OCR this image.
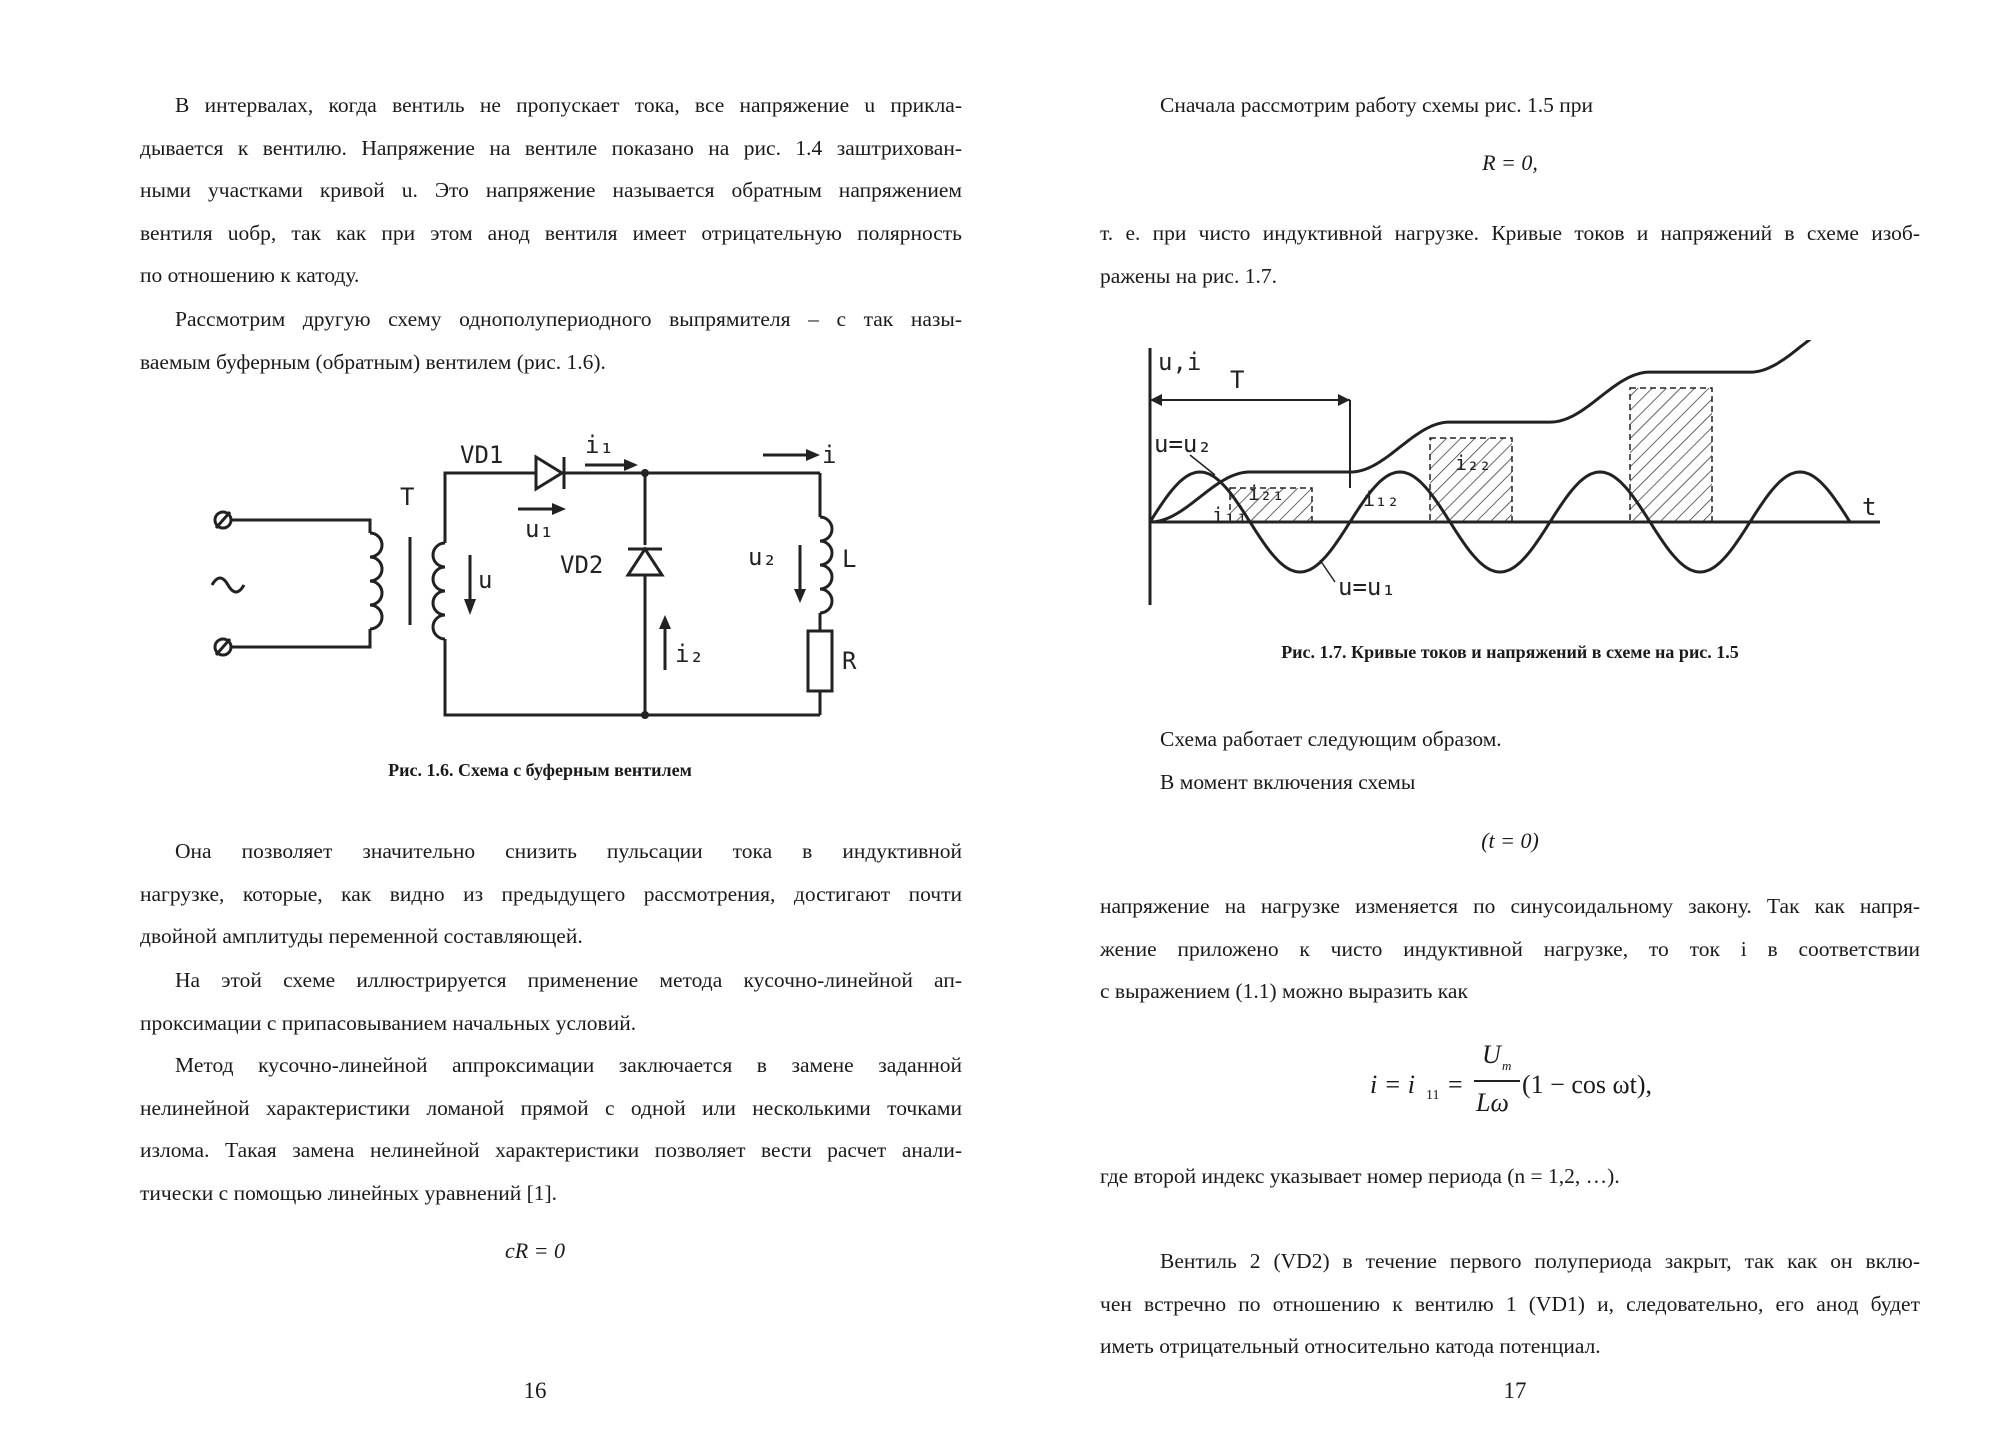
В интервалах, когда вентиль не пропускает тока, все напряжение u прикла-
дывается к вентилю. Напряжение на вентиле показано на рис. 1.4 заштрихован-
ными участками кривой u. Это напряжение называется обратным напряжением
вентиля uобр, так как при этом анод вентиля имеет отрицательную полярность
по отношению к катоду.
Рассмотрим другую схему однополупериодного выпрямителя – с так назы-
ваемым буферным (обратным) вентилем (рис. 1.6).
T
VD1	i₁	i
u
u₁
VD2	u₂	L
i₂	R
Рис. 1.6. Схема с буферным вентилем
Она позволяет значительно снизить пульсации тока в индуктивной
нагрузке, которые, как видно из предыдущего рассмотрения, достигают почти
двойной амплитуды переменной составляющей.
На этой схеме иллюстрируется применение метода кусочно-линейной ап-
проксимации с припасовыванием начальных условий.
Метод кусочно-линейной аппроксимации заключается в замене заданной
нелинейной характеристики ломаной прямой с одной или несколькими точками
излома. Такая замена нелинейной характеристики позволяет вести расчет анали-
тически с помощью линейных уравнений [1].
cR = 0
16
Сначала рассмотрим работу схемы рис. 1.5 при
R = 0,
т. е. при чисто индуктивной нагрузке. Кривые токов и напряжений в схеме изоб-
ражены на рис. 1.7.
u,i
T
u=u₂
i₂₁
i₂₂
i₁₁
i₁₂	t
u=u₁
Рис. 1.7. Кривые токов и напряжений в схеме на рис. 1.5
Схема работает следующим образом.
В момент включения схемы
(t = 0)
напряжение на нагрузке изменяется по синусоидальному закону. Так как напря-
жение приложено к чисто индуктивной нагрузке, то ток i в соответствии
с выражением (1.1) можно выразить как
i = i 11 =
U m
Lω
(1 − cos ωt),
где второй индекс указывает номер периода (n = 1,2, …).
Вентиль 2 (VD2) в течение первого полупериода закрыт, так как он вклю-
чен встречно по отношению к вентилю 1 (VD1) и, следовательно, его анод будет
иметь отрицательный относительно катода потенциал.
17
